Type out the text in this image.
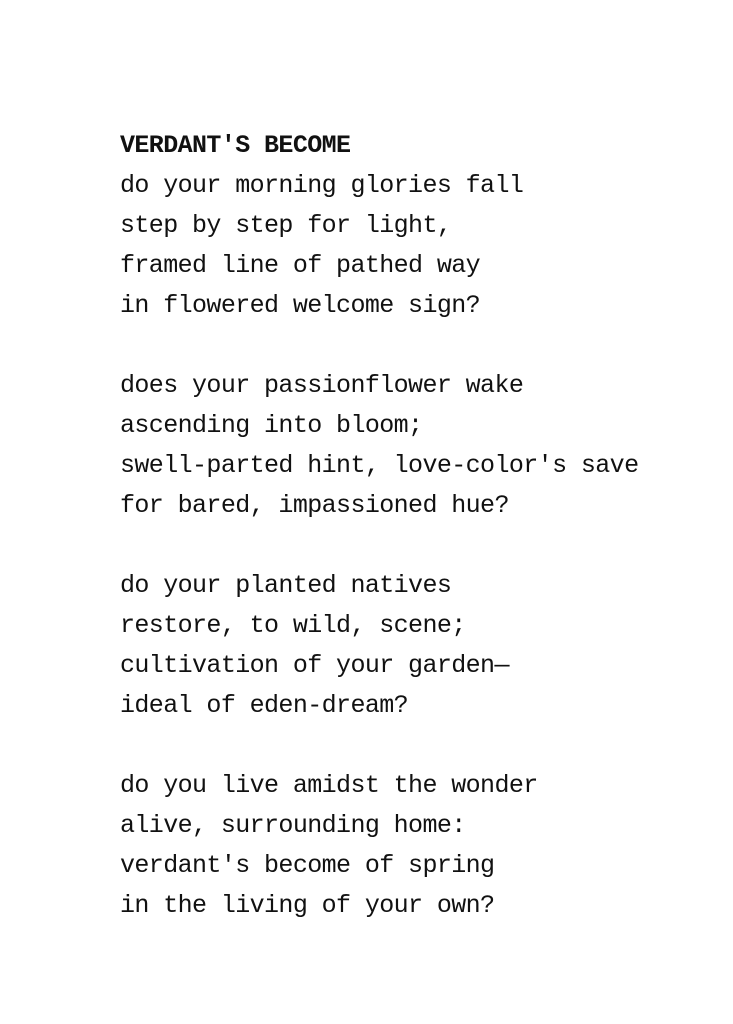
VERDANT'S BECOME
do your morning glories fall
step by step for light,
framed line of pathed way
in flowered welcome sign?
does your passionflower wake
ascending into bloom;
swell-parted hint, love-color's save
for bared, impassioned hue?
do your planted natives
restore, to wild, scene;
cultivation of your garden—
ideal of eden-dream?
do you live amidst the wonder
alive, surrounding home:
verdant's become of spring
in the living of your own?
